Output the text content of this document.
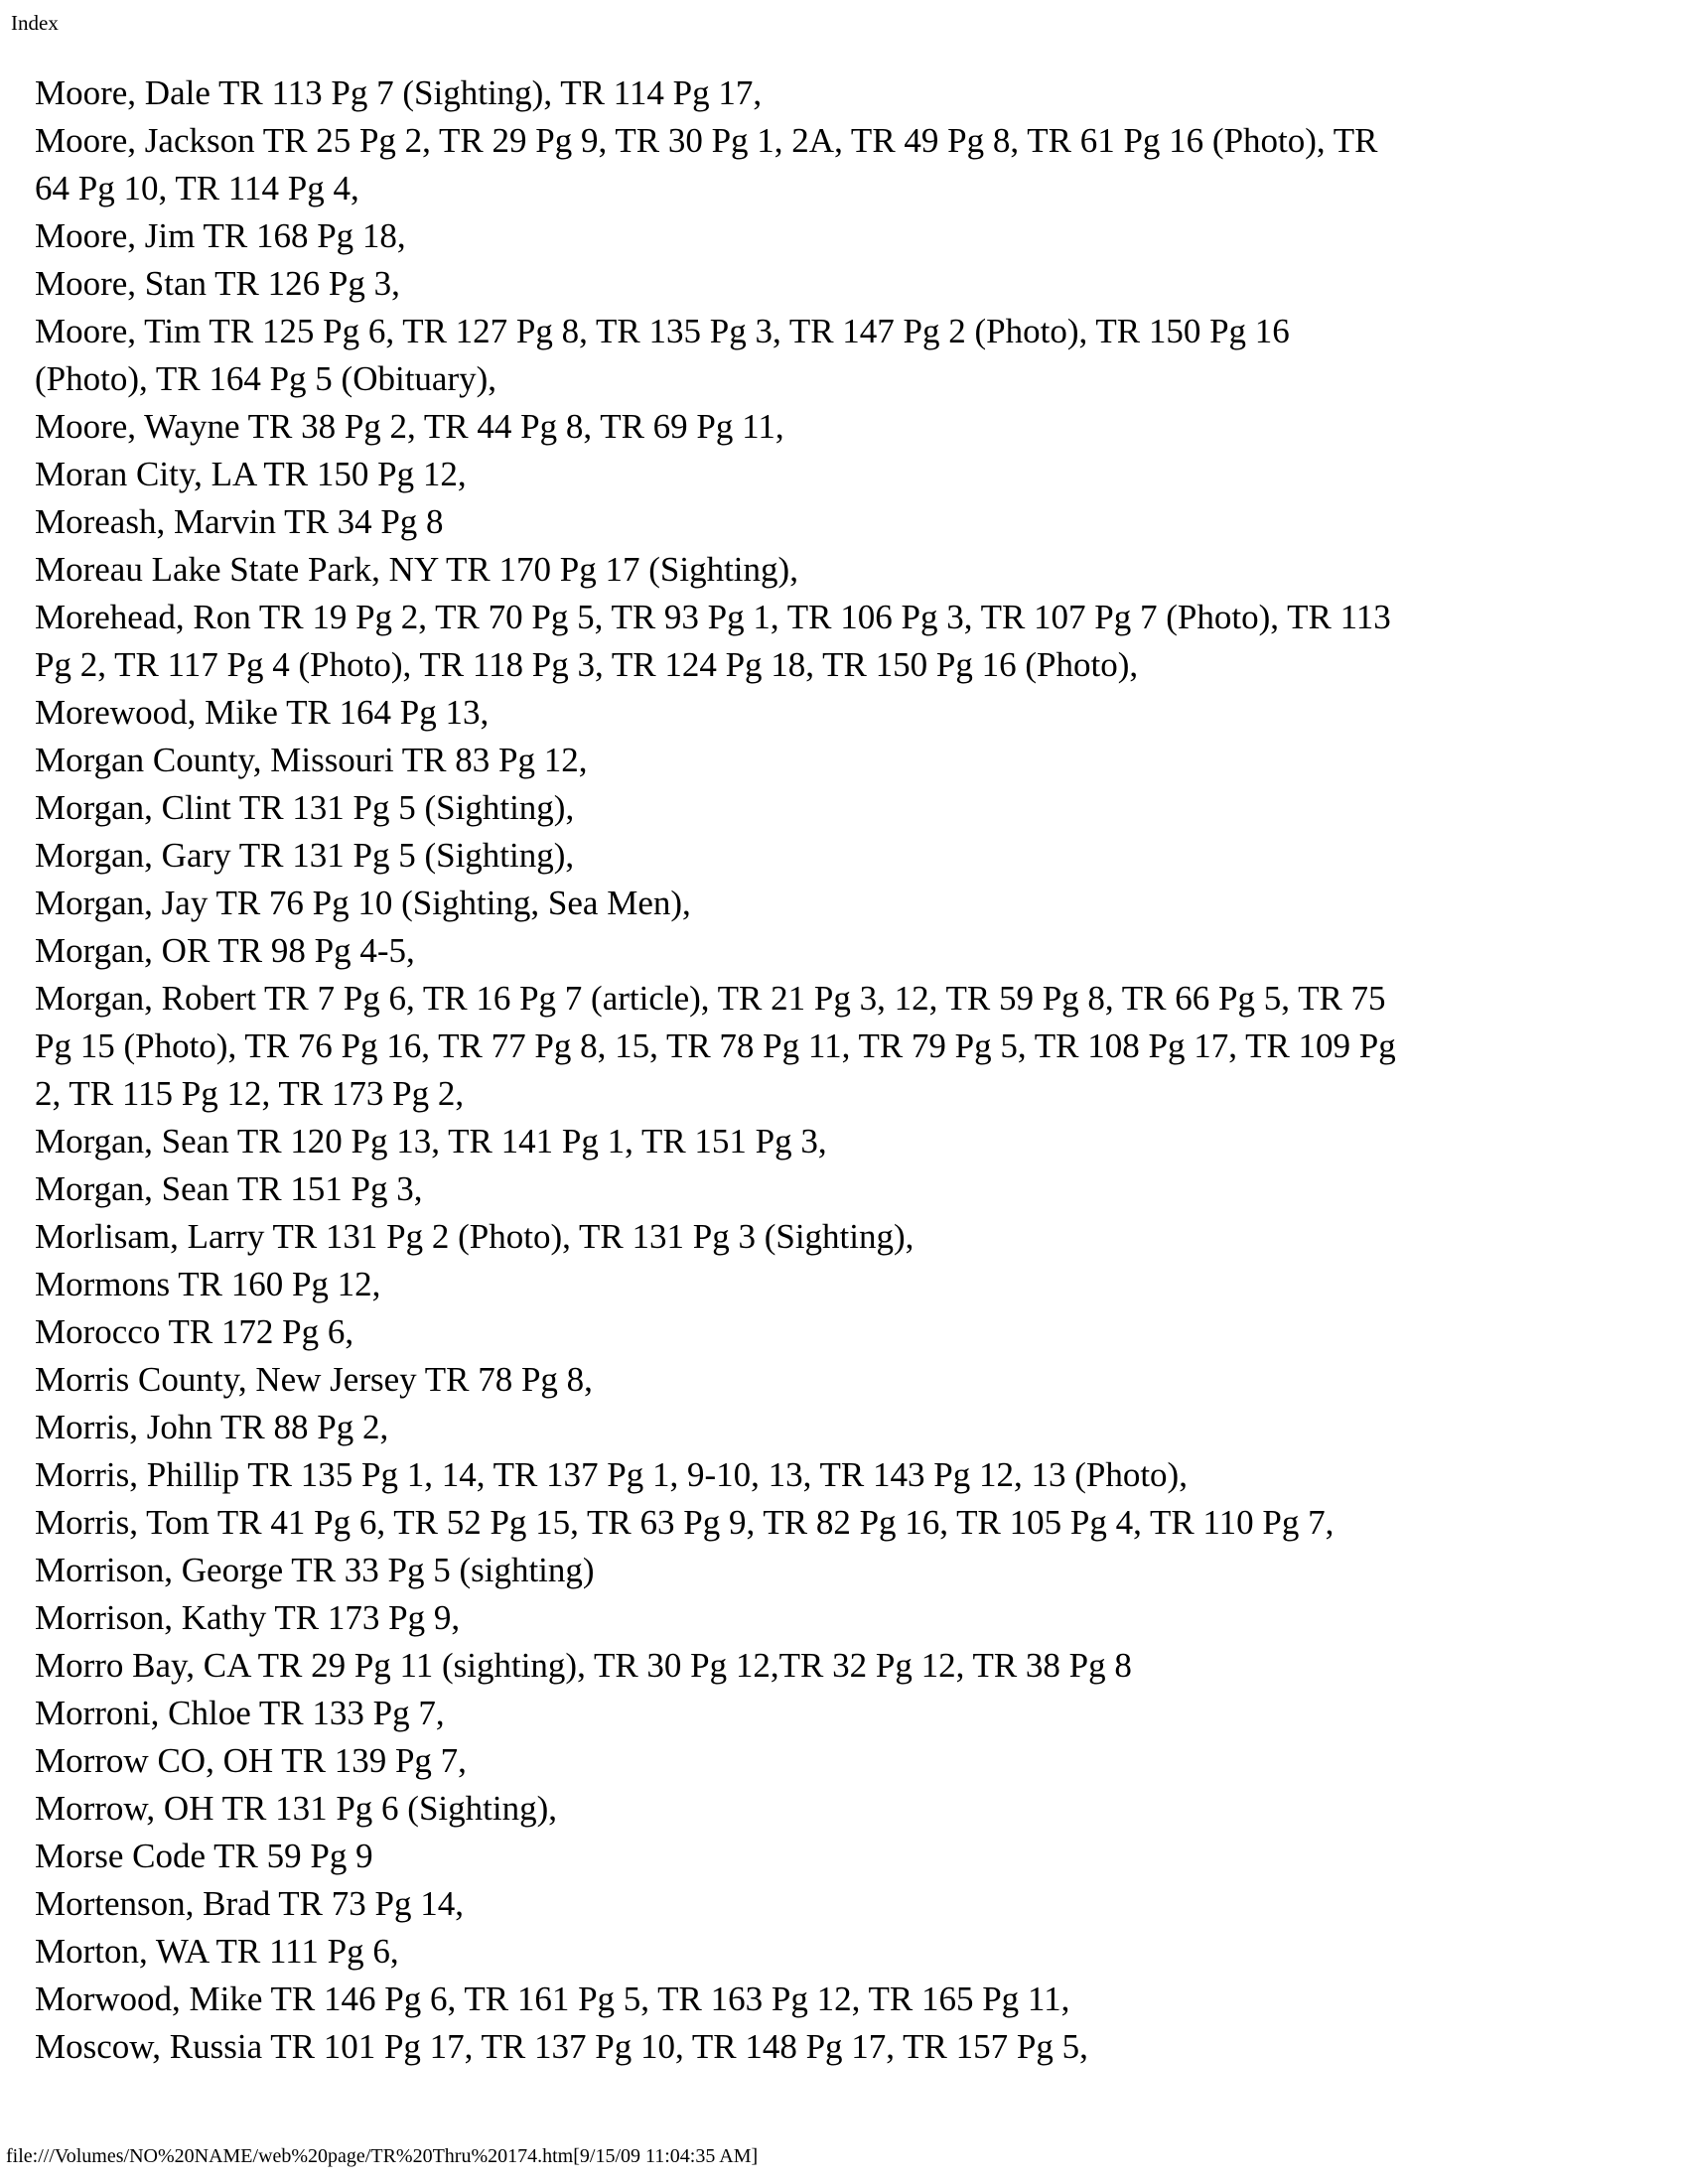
Index
Moore, Dale TR 113 Pg 7 (Sighting), TR 114 Pg 17,
Moore, Jackson TR 25 Pg 2, TR 29 Pg 9, TR 30 Pg 1, 2A, TR 49 Pg 8, TR 61 Pg 16 (Photo), TR
64 Pg 10, TR 114 Pg 4,
Moore, Jim TR 168 Pg 18,
Moore, Stan TR 126 Pg 3,
Moore, Tim TR 125 Pg 6, TR 127 Pg 8, TR 135 Pg 3, TR 147 Pg 2 (Photo), TR 150 Pg 16
(Photo), TR 164 Pg 5 (Obituary),
Moore, Wayne TR 38 Pg 2, TR 44 Pg 8, TR 69 Pg 11,
Moran City, LA TR 150 Pg 12,
Moreash, Marvin TR 34 Pg 8
Moreau Lake State Park, NY TR 170 Pg 17 (Sighting),
Morehead, Ron TR 19 Pg 2, TR 70 Pg 5, TR 93 Pg 1, TR 106 Pg 3, TR 107 Pg 7 (Photo), TR 113
Pg 2, TR 117 Pg 4 (Photo), TR 118 Pg 3, TR 124 Pg 18, TR 150 Pg 16 (Photo),
Morewood, Mike TR 164 Pg 13,
Morgan County, Missouri TR 83 Pg 12,
Morgan, Clint TR 131 Pg 5 (Sighting),
Morgan, Gary TR 131 Pg 5 (Sighting),
Morgan, Jay TR 76 Pg 10 (Sighting, Sea Men),
Morgan, OR TR 98 Pg 4-5,
Morgan, Robert TR 7 Pg 6, TR 16 Pg 7 (article), TR 21 Pg 3, 12, TR 59 Pg 8, TR 66 Pg 5, TR 75
Pg 15 (Photo), TR 76 Pg 16, TR 77 Pg 8, 15, TR 78 Pg 11, TR 79 Pg 5, TR 108 Pg 17, TR 109 Pg
2, TR 115 Pg 12, TR 173 Pg 2,
Morgan, Sean TR 120 Pg 13, TR 141 Pg 1, TR 151 Pg 3,
Morgan, Sean TR 151 Pg 3,
Morlisam, Larry TR 131 Pg 2 (Photo), TR 131 Pg 3 (Sighting),
Mormons TR 160 Pg 12,
Morocco TR 172 Pg 6,
Morris County, New Jersey TR 78 Pg 8,
Morris, John TR 88 Pg 2,
Morris, Phillip TR 135 Pg 1, 14, TR 137 Pg 1, 9-10, 13, TR 143 Pg 12, 13 (Photo),
Morris, Tom TR 41 Pg 6, TR 52 Pg 15, TR 63 Pg 9, TR 82 Pg 16, TR 105 Pg 4, TR 110 Pg 7,
Morrison, George TR 33 Pg 5 (sighting)
Morrison, Kathy TR 173 Pg 9,
Morro Bay, CA TR 29 Pg 11 (sighting), TR 30 Pg 12,TR 32 Pg 12, TR 38 Pg 8
Morroni, Chloe TR 133 Pg 7,
Morrow CO, OH TR 139 Pg 7,
Morrow, OH TR 131 Pg 6 (Sighting),
Morse Code TR 59 Pg 9
Mortenson, Brad TR 73 Pg 14,
Morton, WA TR 111 Pg 6,
Morwood, Mike TR 146 Pg 6, TR 161 Pg 5, TR 163 Pg 12, TR 165 Pg 11,
Moscow, Russia TR 101 Pg 17, TR 137 Pg 10, TR 148 Pg 17, TR 157 Pg 5,
file:///Volumes/NO%20NAME/web%20page/TR%20Thru%20174.htm[9/15/09 11:04:35 AM]
